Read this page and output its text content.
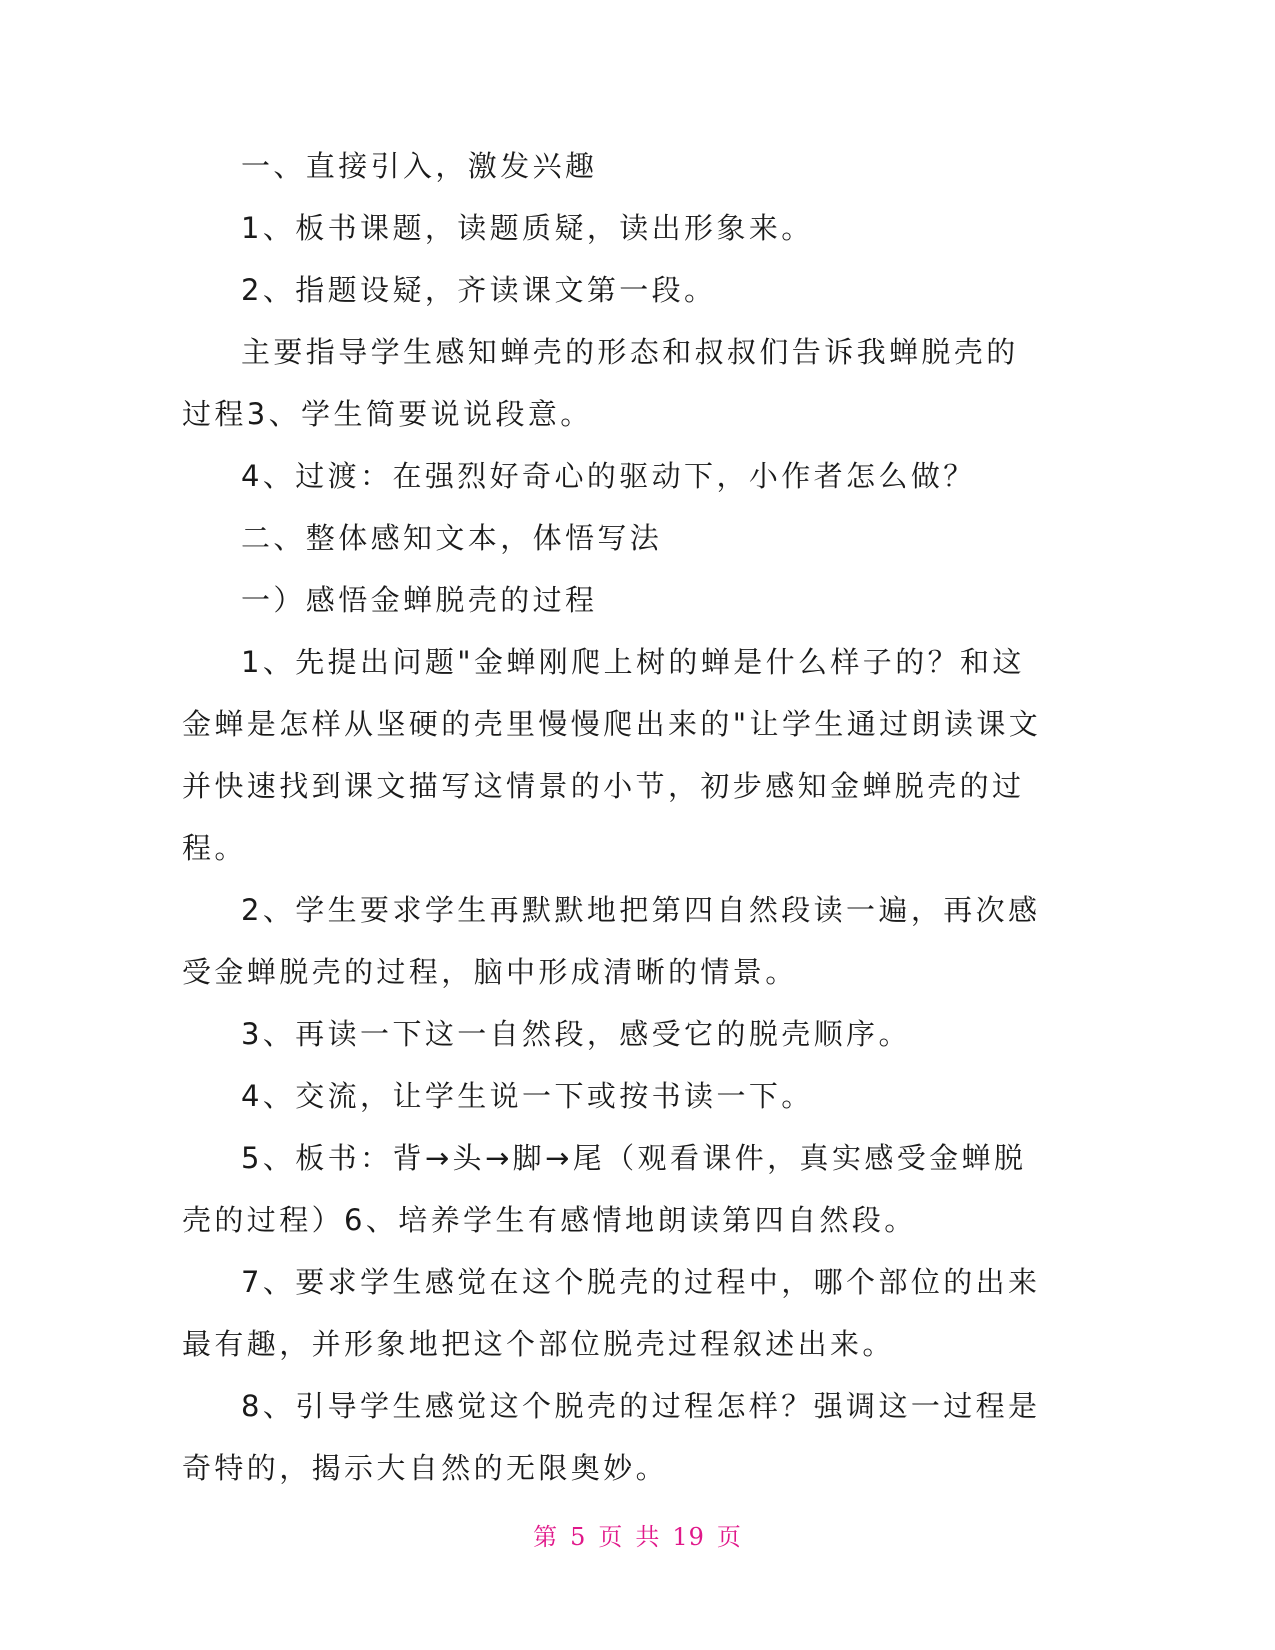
一、直接引入，激发兴趣

1、板书课题，读题质疑，读出形象来。

2、指题设疑，齐读课文第一段。

主要指导学生感知蝉壳的形态和叔叔们告诉我蝉脱壳的过程3、学生简要说说段意。

4、过渡：在强烈好奇心的驱动下，小作者怎么做？

二、整体感知文本，体悟写法

一）感悟金蝉脱壳的过程

1、先提出问题"金蝉刚爬上树的蝉是什么样子的？和这金蝉是怎样从坚硬的壳里慢慢爬出来的"让学生通过朗读课文并快速找到课文描写这情景的小节，初步感知金蝉脱壳的过程。

2、学生要求学生再默默地把第四自然段读一遍，再次感受金蝉脱壳的过程，脑中形成清晰的情景。

3、再读一下这一自然段，感受它的脱壳顺序。

4、交流，让学生说一下或按书读一下。

5、板书：背→头→脚→尾（观看课件，真实感受金蝉脱壳的过程）6、培养学生有感情地朗读第四自然段。

7、要求学生感觉在这个脱壳的过程中，哪个部位的出来最有趣，并形象地把这个部位脱壳过程叙述出来。

8、引导学生感觉这个脱壳的过程怎样？强调这一过程是奇特的，揭示大自然的无限奥妙。

第 5 页 共 19 页
